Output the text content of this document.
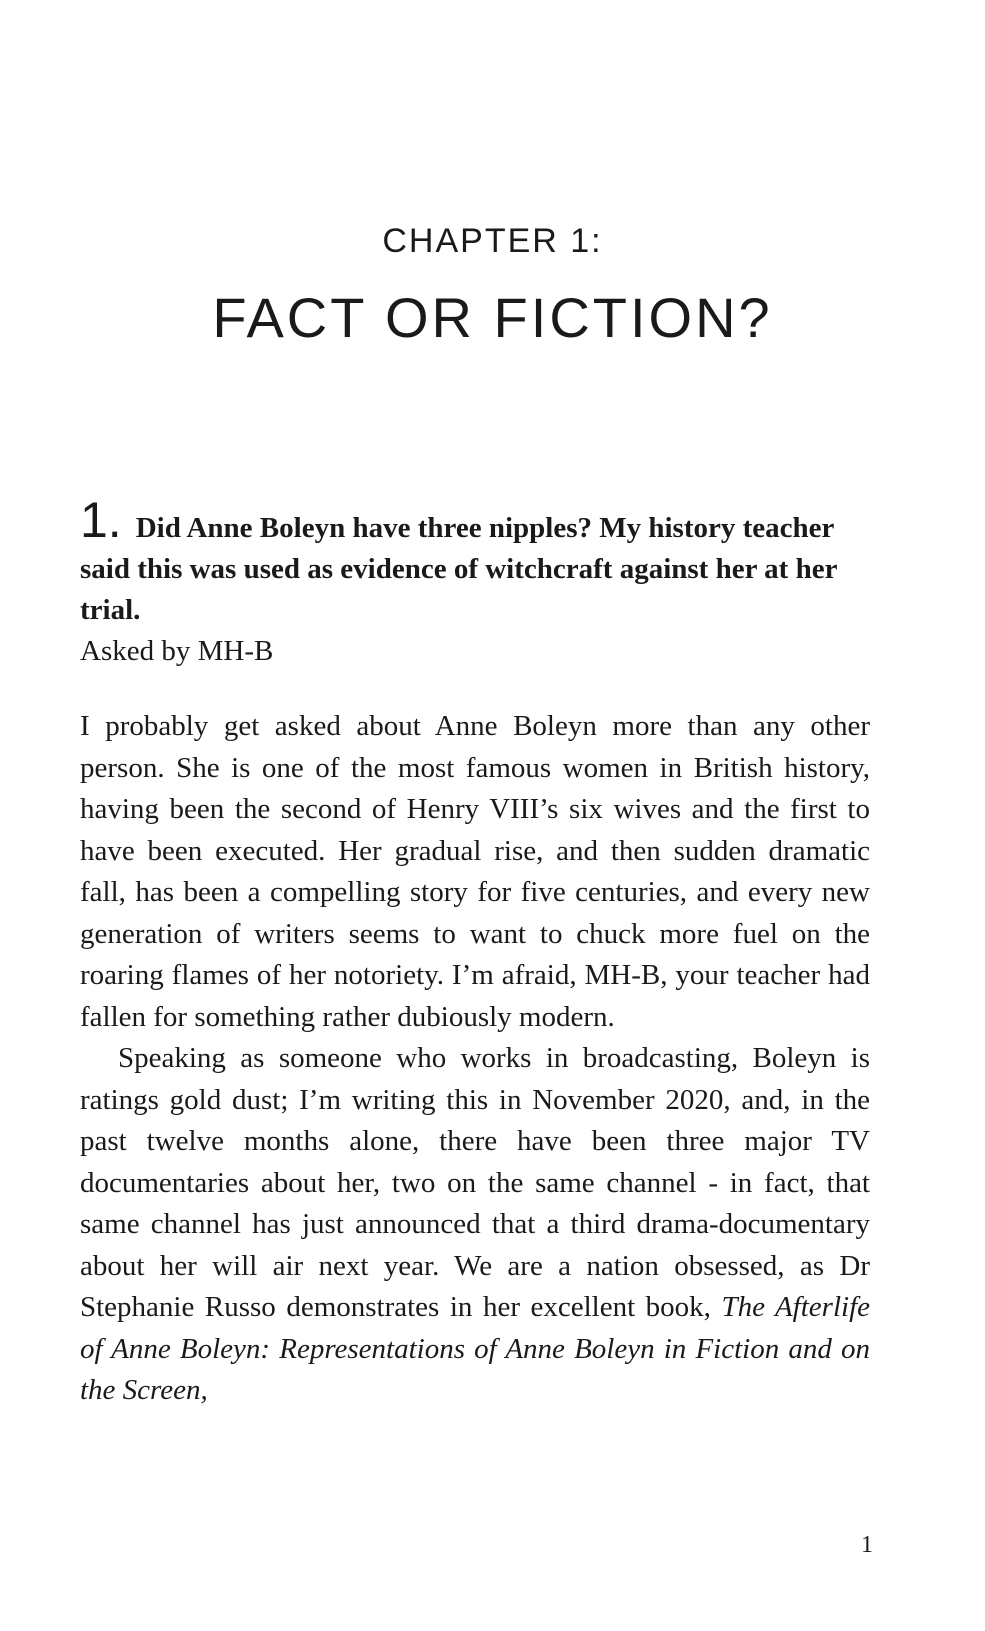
CHAPTER 1:
FACT OR FICTION?

1. Did Anne Boleyn have three nipples? My history teacher said this was used as evidence of witchcraft against her at her trial.

Asked by MH-B

I probably get asked about Anne Boleyn more than any other person. She is one of the most famous women in British history, having been the second of Henry VIII’s six wives and the first to have been executed. Her gradual rise, and then sudden dramatic fall, has been a compelling story for five centuries, and every new generation of writers seems to want to chuck more fuel on the roaring flames of her notoriety. I’m afraid, MH-B, your teacher had fallen for something rather dubiously modern.

Speaking as someone who works in broadcasting, Boleyn is ratings gold dust; I’m writing this in November 2020, and, in the past twelve months alone, there have been three major TV documentaries about her, two on the same channel - in fact, that same channel has just announced that a third drama-documentary about her will air next year. We are a nation obsessed, as Dr Stephanie Russo demonstrates in her excellent book, The Afterlife of Anne Boleyn: Representations of Anne Boleyn in Fiction and on the Screen,

1
